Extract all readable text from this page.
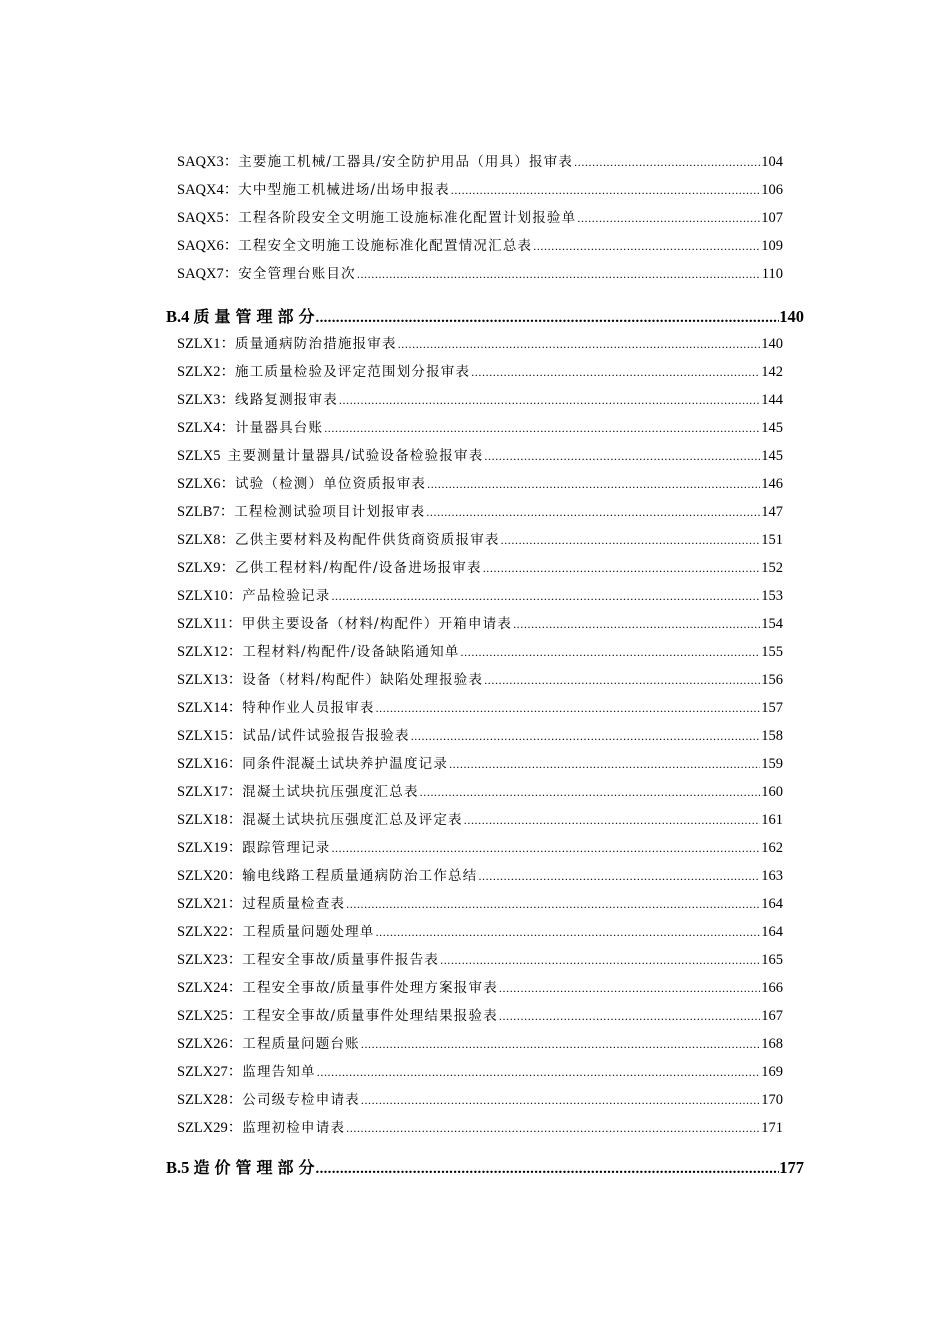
SAQX3： 主要施工机械/工器具/安全防护用品（用具）报审表 .....	104
SAQX4： 大中型施工机械进场/出场申报表 .....	106
SAQX5： 工程各阶段安全文明施工设施标准化配置计划报验单 .....	107
SAQX6： 工程安全文明施工设施标准化配置情况汇总表 .....	109
SAQX7： 安全管理台账目次 .....	110
B.4 质量管理部分 .....	140
SZLX1： 质量通病防治措施报审表 .....	140
SZLX2： 施工质量检验及评定范围划分报审表 .....	142
SZLX3： 线路复测报审表 .....	144
SZLX4： 计量器具台账 .....	145
SZLX5 主要测量计量器具/试验设备检验报审表 .....	145
SZLX6： 试验（检测）单位资质报审表 .....	146
SZLB7： 工程检测试验项目计划报审表 .....	147
SZLX8： 乙供主要材料及构配件供货商资质报审表 .....	151
SZLX9： 乙供工程材料/构配件/设备进场报审表 .....	152
SZLX10： 产品检验记录 .....	153
SZLX11： 甲供主要设备（材料/构配件）开箱申请表 .....	154
SZLX12： 工程材料/构配件/设备缺陷通知单 .....	155
SZLX13： 设备（材料/构配件）缺陷处理报验表 .....	156
SZLX14： 特种作业人员报审表 .....	157
SZLX15： 试品/试件试验报告报验表 .....	158
SZLX16： 同条件混凝土试块养护温度记录 .....	159
SZLX17： 混凝土试块抗压强度汇总表 .....	160
SZLX18： 混凝土试块抗压强度汇总及评定表 .....	161
SZLX19： 跟踪管理记录 .....	162
SZLX20： 输电线路工程质量通病防治工作总结 .....	163
SZLX21： 过程质量检查表 .....	164
SZLX22： 工程质量问题处理单 .....	164
SZLX23： 工程安全事故/质量事件报告表 .....	165
SZLX24： 工程安全事故/质量事件处理方案报审表 .....	166
SZLX25： 工程安全事故/质量事件处理结果报验表 .....	167
SZLX26： 工程质量问题台账 .....	168
SZLX27： 监理告知单 .....	169
SZLX28： 公司级专检申请表 .....	170
SZLX29： 监理初检申请表 .....	171
B.5 造价管理部分 .....	177
